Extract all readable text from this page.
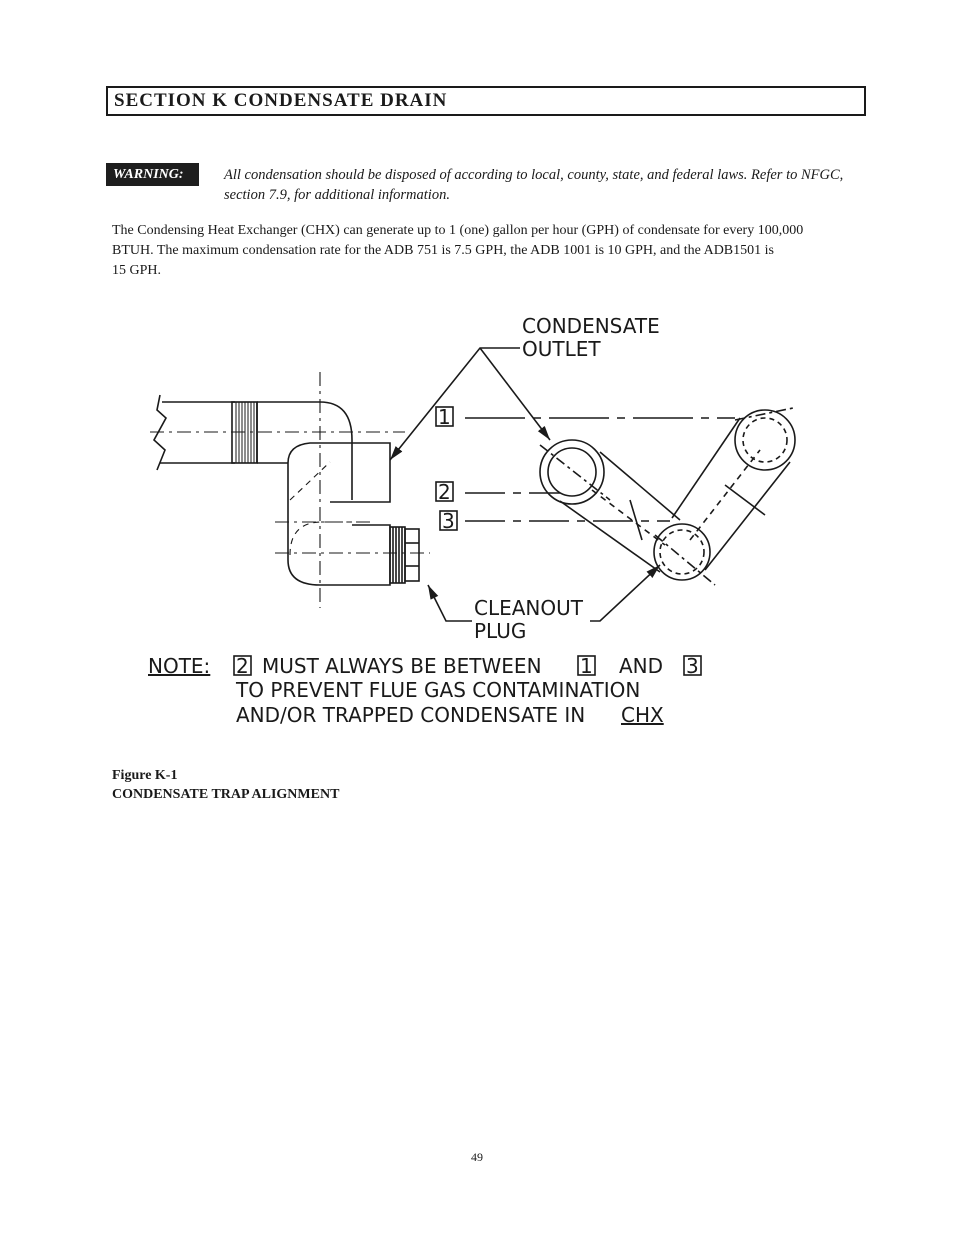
SECTION K CONDENSATE DRAIN
WARNING:	All condensation should be disposed of according to local, county, state, and federal laws. Refer to NFGC, section 7.9, for additional information.
The Condensing Heat Exchanger (CHX) can generate up to 1 (one) gallon per hour (GPH) of condensate for every 100,000
BTUH. The maximum condensation rate for the ADB 751 is 7.5 GPH, the ADB 1001 is 10 GPH, and the ADB1501 is
15 GPH.
CONDENSATE
OUTLET
CLEANOUT
PLUG
1
2
3
NOTE: 2 MUST ALWAYS BE BETWEEN 1 AND 3
TO PREVENT FLUE GAS CONTAMINATION
AND/OR TRAPPED CONDENSATE IN CHX
Figure K-1
CONDENSATE TRAP ALIGNMENT
49
